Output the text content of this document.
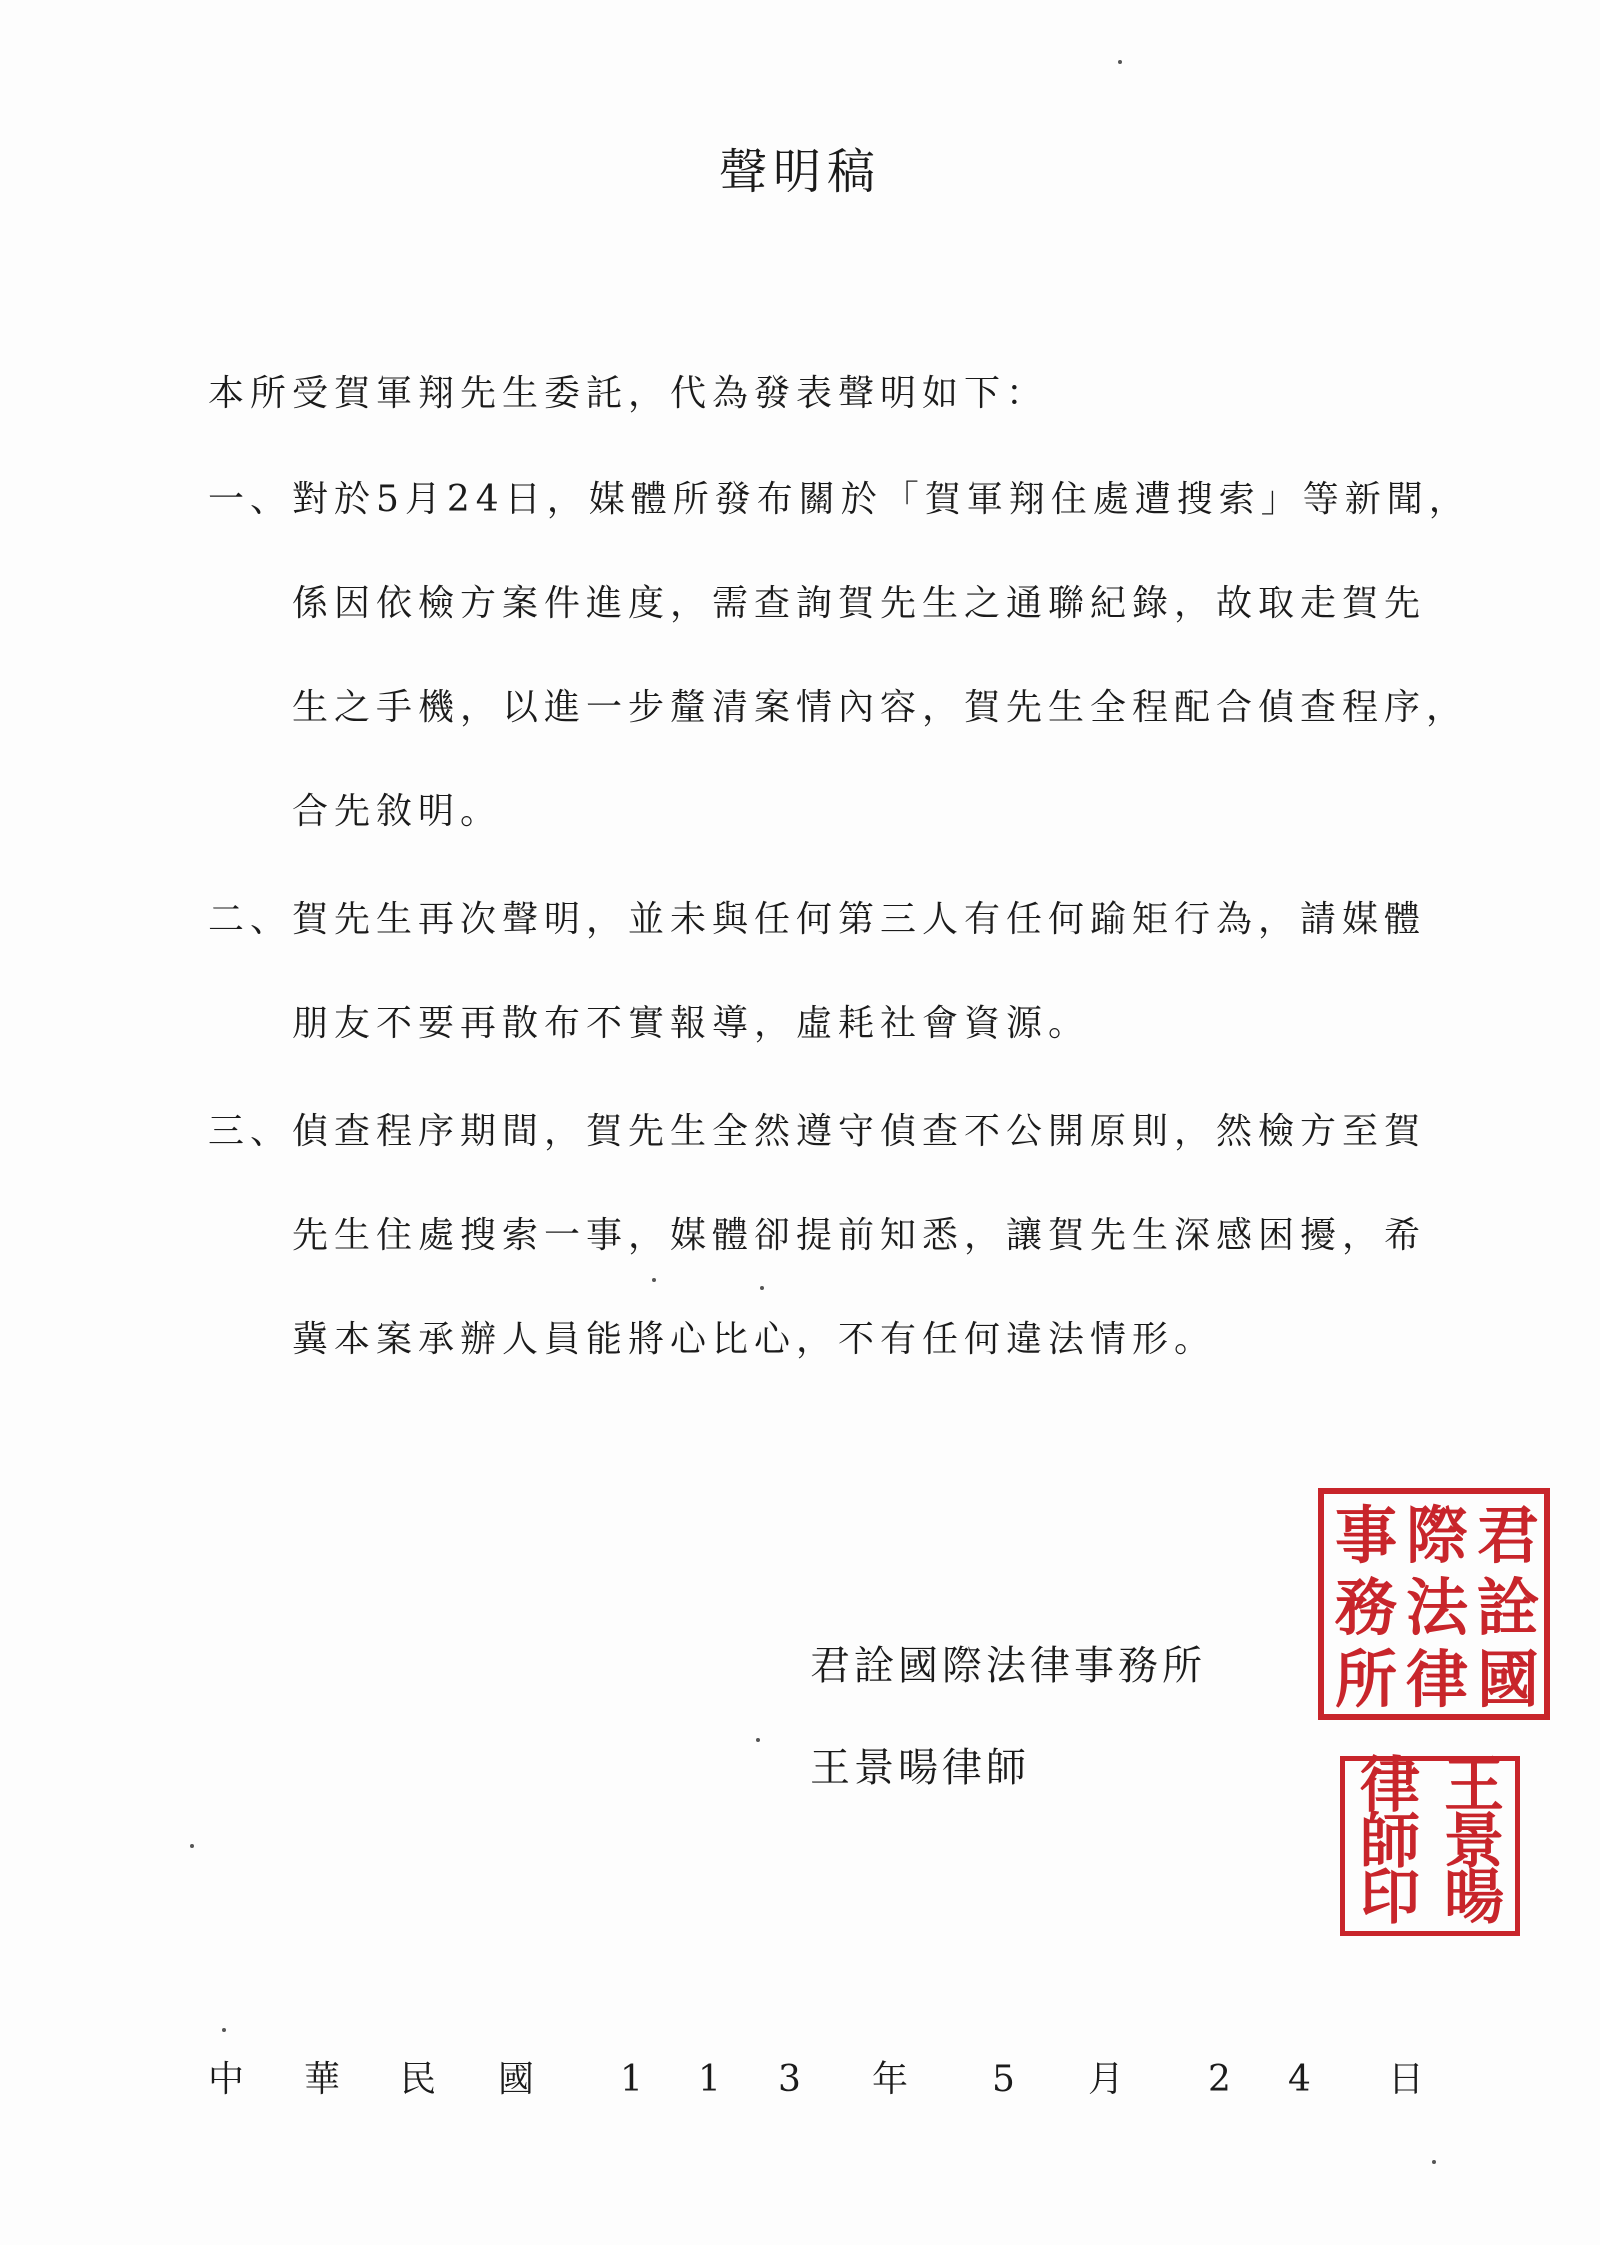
聲明稿
本所受賀軍翔先生委託，代為發表聲明如下：
一、 對於5月24日，媒體所發布關於「賀軍翔住處遭搜索」等新聞，
係因依檢方案件進度，需查詢賀先生之通聯紀錄，故取走賀先
生之手機，以進一步釐清案情內容，賀先生全程配合偵查程序，
合先敘明。
二、 賀先生再次聲明，並未與任何第三人有任何踰矩行為，請媒體
朋友不要再散布不實報導，虛耗社會資源。
三、 偵查程序期間，賀先生全然遵守偵查不公開原則，然檢方至賀
先生住處搜索一事，媒體卻提前知悉，讓賀先生深感困擾，希
冀本案承辦人員能將心比心，不有任何違法情形。
君詮國際法律事務所
王景暘律師
君
詮
國
際
法
律
事
務
所
王
景
暘
律
師
印
中 華 民 國 1 1 3 年 5 月 2 4 日
